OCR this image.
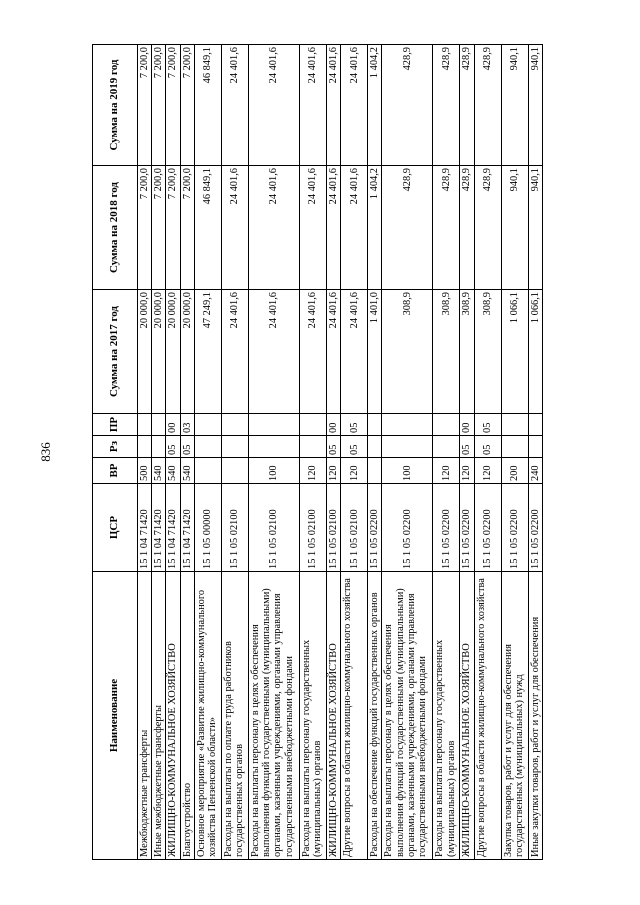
836
Наименование	ЦСР	ВР	Рз	ПР	Сумма на 2017 год	Сумма на 2018 год	Сумма на 2019 год
Межбюджетные трансферты	15 1 04 71420	500			20 000,0	7 200,0	7 200,0
Иные межбюджетные трансферты	15 1 04 71420	540			20 000,0	7 200,0	7 200,0
ЖИЛИЩНО-КОММУНАЛЬНОЕ ХОЗЯЙСТВО	15 1 04 71420	540	05	00	20 000,0	7 200,0	7 200,0
Благоустройство	15 1 04 71420	540	05	03	20 000,0	7 200,0	7 200,0
Основное мероприятие «Развитие жилищно-коммунального хозяйства Пензенской области»	15 1 05 00000				47 249,1	46 849,1	46 849,1
Расходы на выплаты по оплате труда работников государственных органов	15 1 05 02100				24 401,6	24 401,6	24 401,6
Расходы на выплаты персоналу в целях обеспечения выполнения функций государственными (муниципальными) органами, казенными учреждениями, органами управления государственными внебюджетными фондами	15 1 05 02100	100			24 401,6	24 401,6	24 401,6
Расходы на выплаты персоналу государственных (муниципальных) органов	15 1 05 02100	120			24 401,6	24 401,6	24 401,6
ЖИЛИЩНО-КОММУНАЛЬНОЕ ХОЗЯЙСТВО	15 1 05 02100	120	05	00	24 401,6	24 401,6	24 401,6
Другие вопросы в области жилищно-коммунального хозяйства	15 1 05 02100	120	05	05	24 401,6	24 401,6	24 401,6
Расходы на обеспечение функций государственных органов	15 1 05 02200				1 401,0	1 404,2	1 404,2
Расходы на выплаты персоналу в целях обеспечения выполнения функций государственными (муниципальными) органами, казенными учреждениями, органами управления государственными внебюджетными фондами	15 1 05 02200	100			308,9	428,9	428,9
Расходы на выплаты персоналу государственных (муниципальных) органов	15 1 05 02200	120			308,9	428,9	428,9
ЖИЛИЩНО-КОММУНАЛЬНОЕ ХОЗЯЙСТВО	15 1 05 02200	120	05	00	308,9	428,9	428,9
Другие вопросы в области жилищно-коммунального хозяйства	15 1 05 02200	120	05	05	308,9	428,9	428,9
Закупка товаров, работ и услуг для обеспечения государственных (муниципальных) нужд	15 1 05 02200	200			1 066,1	940,1	940,1
Иные закупки товаров, работ и услуг для обеспечения	15 1 05 02200	240			1 066,1	940,1	940,1
